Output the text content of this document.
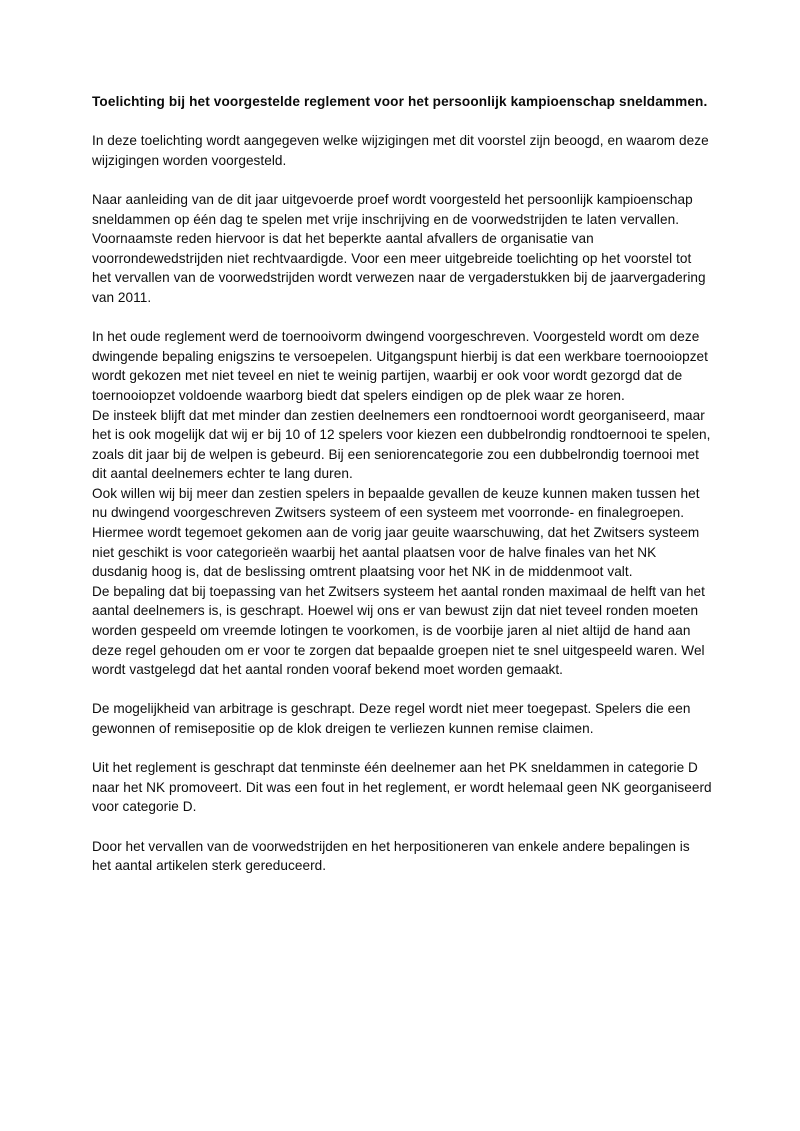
Toelichting bij het voorgestelde reglement voor het persoonlijk kampioenschap sneldammen.

In deze toelichting wordt aangegeven welke wijzigingen met dit voorstel zijn beoogd, en waarom deze wijzigingen worden voorgesteld.

Naar aanleiding van de dit jaar uitgevoerde proef wordt voorgesteld het persoonlijk kampioenschap sneldammen op één dag te spelen met vrije inschrijving en de voorwedstrijden te laten vervallen. Voornaamste reden hiervoor is dat het beperkte aantal afvallers de organisatie van voorrondewedstrijden niet rechtvaardigde. Voor een meer uitgebreide toelichting op het voorstel tot het vervallen van de voorwedstrijden wordt verwezen naar de vergaderstukken bij de jaarvergadering van 2011.

In het oude reglement werd de toernooivorm dwingend voorgeschreven. Voorgesteld wordt om deze dwingende bepaling enigszins te versoepelen. Uitgangspunt hierbij is dat een werkbare toernooiopzet wordt gekozen met niet teveel en niet te weinig partijen, waarbij er ook voor wordt gezorgd dat de toernooiopzet voldoende waarborg biedt dat spelers eindigen op de plek waar ze horen.

De insteek blijft dat met minder dan zestien deelnemers een rondtoernooi wordt georganiseerd, maar het is ook mogelijk dat wij er bij 10 of 12 spelers voor kiezen een dubbelrondig rondtoernooi te spelen, zoals dit jaar bij de welpen is gebeurd. Bij een seniorencategorie zou een dubbelrondig toernooi met dit aantal deelnemers echter te lang duren.

Ook willen wij bij meer dan zestien spelers in bepaalde gevallen de keuze kunnen maken tussen het nu dwingend voorgeschreven Zwitsers systeem of een systeem met voorronde- en finalegroepen. Hiermee wordt tegemoet gekomen aan de vorig jaar geuite waarschuwing, dat het Zwitsers systeem niet geschikt is voor categorieën waarbij het aantal plaatsen voor de halve finales van het NK dusdanig hoog is, dat de beslissing omtrent plaatsing voor het NK in de middenmoot valt.

De bepaling dat bij toepassing van het Zwitsers systeem het aantal ronden maximaal de helft van het aantal deelnemers is, is geschrapt. Hoewel wij ons er van bewust zijn dat niet teveel ronden moeten worden gespeeld om vreemde lotingen te voorkomen, is de voorbije jaren al niet altijd de hand aan deze regel gehouden om er voor te zorgen dat bepaalde groepen niet te snel uitgespeeld waren. Wel wordt vastgelegd dat het aantal ronden vooraf bekend moet worden gemaakt.

De mogelijkheid van arbitrage is geschrapt. Deze regel wordt niet meer toegepast. Spelers die een gewonnen of remisepositie op de klok dreigen te verliezen kunnen remise claimen.

Uit het reglement is geschrapt dat tenminste één deelnemer aan het PK sneldammen in categorie D naar het NK promoveert. Dit was een fout in het reglement, er wordt helemaal geen NK georganiseerd voor categorie D.

Door het vervallen van de voorwedstrijden en het herpositioneren van enkele andere bepalingen is het aantal artikelen sterk gereduceerd.
